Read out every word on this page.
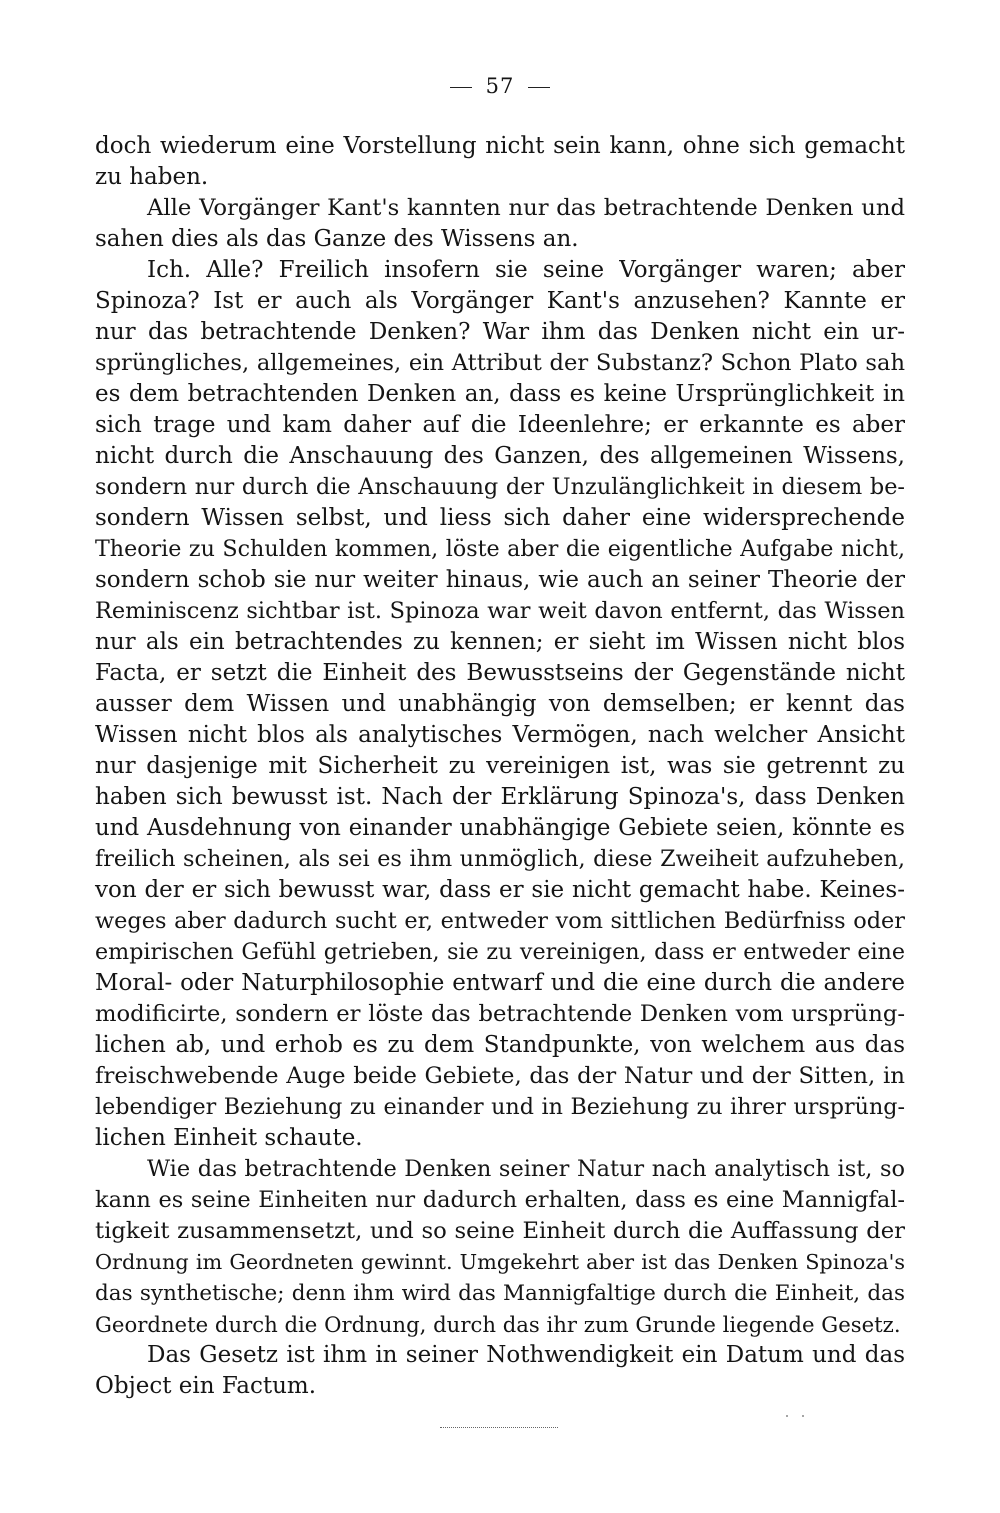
57
doch wiederum eine Vorstellung nicht sein kann, ohne sich gemacht
zu haben.
Alle Vorgänger Kant's kannten nur das betrachtende Denken und
sahen dies als das Ganze des Wissens an.
Ich. Alle? Freilich insofern sie seine Vorgänger waren; aber
Spinoza? Ist er auch als Vorgänger Kant's anzusehen? Kannte er
nur das betrachtende Denken? War ihm das Denken nicht ein ur-
sprüngliches, allgemeines, ein Attribut der Substanz? Schon Plato sah
es dem betrachtenden Denken an, dass es keine Ursprünglichkeit in
sich trage und kam daher auf die Ideenlehre; er erkannte es aber
nicht durch die Anschauung des Ganzen, des allgemeinen Wissens,
sondern nur durch die Anschauung der Unzulänglichkeit in diesem be-
sondern Wissen selbst, und liess sich daher eine widersprechende
Theorie zu Schulden kommen, löste aber die eigentliche Aufgabe nicht,
sondern schob sie nur weiter hinaus, wie auch an seiner Theorie der
Reminiscenz sichtbar ist. Spinoza war weit davon entfernt, das Wissen
nur als ein betrachtendes zu kennen; er sieht im Wissen nicht blos
Facta, er setzt die Einheit des Bewusstseins der Gegenstände nicht
ausser dem Wissen und unabhängig von demselben; er kennt das
Wissen nicht blos als analytisches Vermögen, nach welcher Ansicht
nur dasjenige mit Sicherheit zu vereinigen ist, was sie getrennt zu
haben sich bewusst ist. Nach der Erklärung Spinoza's, dass Denken
und Ausdehnung von einander unabhängige Gebiete seien, könnte es
freilich scheinen, als sei es ihm unmöglich, diese Zweiheit aufzuheben,
von der er sich bewusst war, dass er sie nicht gemacht habe. Keines-
weges aber dadurch sucht er, entweder vom sittlichen Bedürfniss oder
empirischen Gefühl getrieben, sie zu vereinigen, dass er entweder eine
Moral- oder Naturphilosophie entwarf und die eine durch die andere
modificirte, sondern er löste das betrachtende Denken vom ursprüng-
lichen ab, und erhob es zu dem Standpunkte, von welchem aus das
freischwebende Auge beide Gebiete, das der Natur und der Sitten, in
lebendiger Beziehung zu einander und in Beziehung zu ihrer ursprüng-
lichen Einheit schaute.
Wie das betrachtende Denken seiner Natur nach analytisch ist, so
kann es seine Einheiten nur dadurch erhalten, dass es eine Mannigfal-
tigkeit zusammensetzt, und so seine Einheit durch die Auffassung der
Ordnung im Geordneten gewinnt. Umgekehrt aber ist das Denken Spinoza's
das synthetische; denn ihm wird das Mannigfaltige durch die Einheit, das
Geordnete durch die Ordnung, durch das ihr zum Grunde liegende Gesetz.
Das Gesetz ist ihm in seiner Nothwendigkeit ein Datum und das
Object ein Factum.
